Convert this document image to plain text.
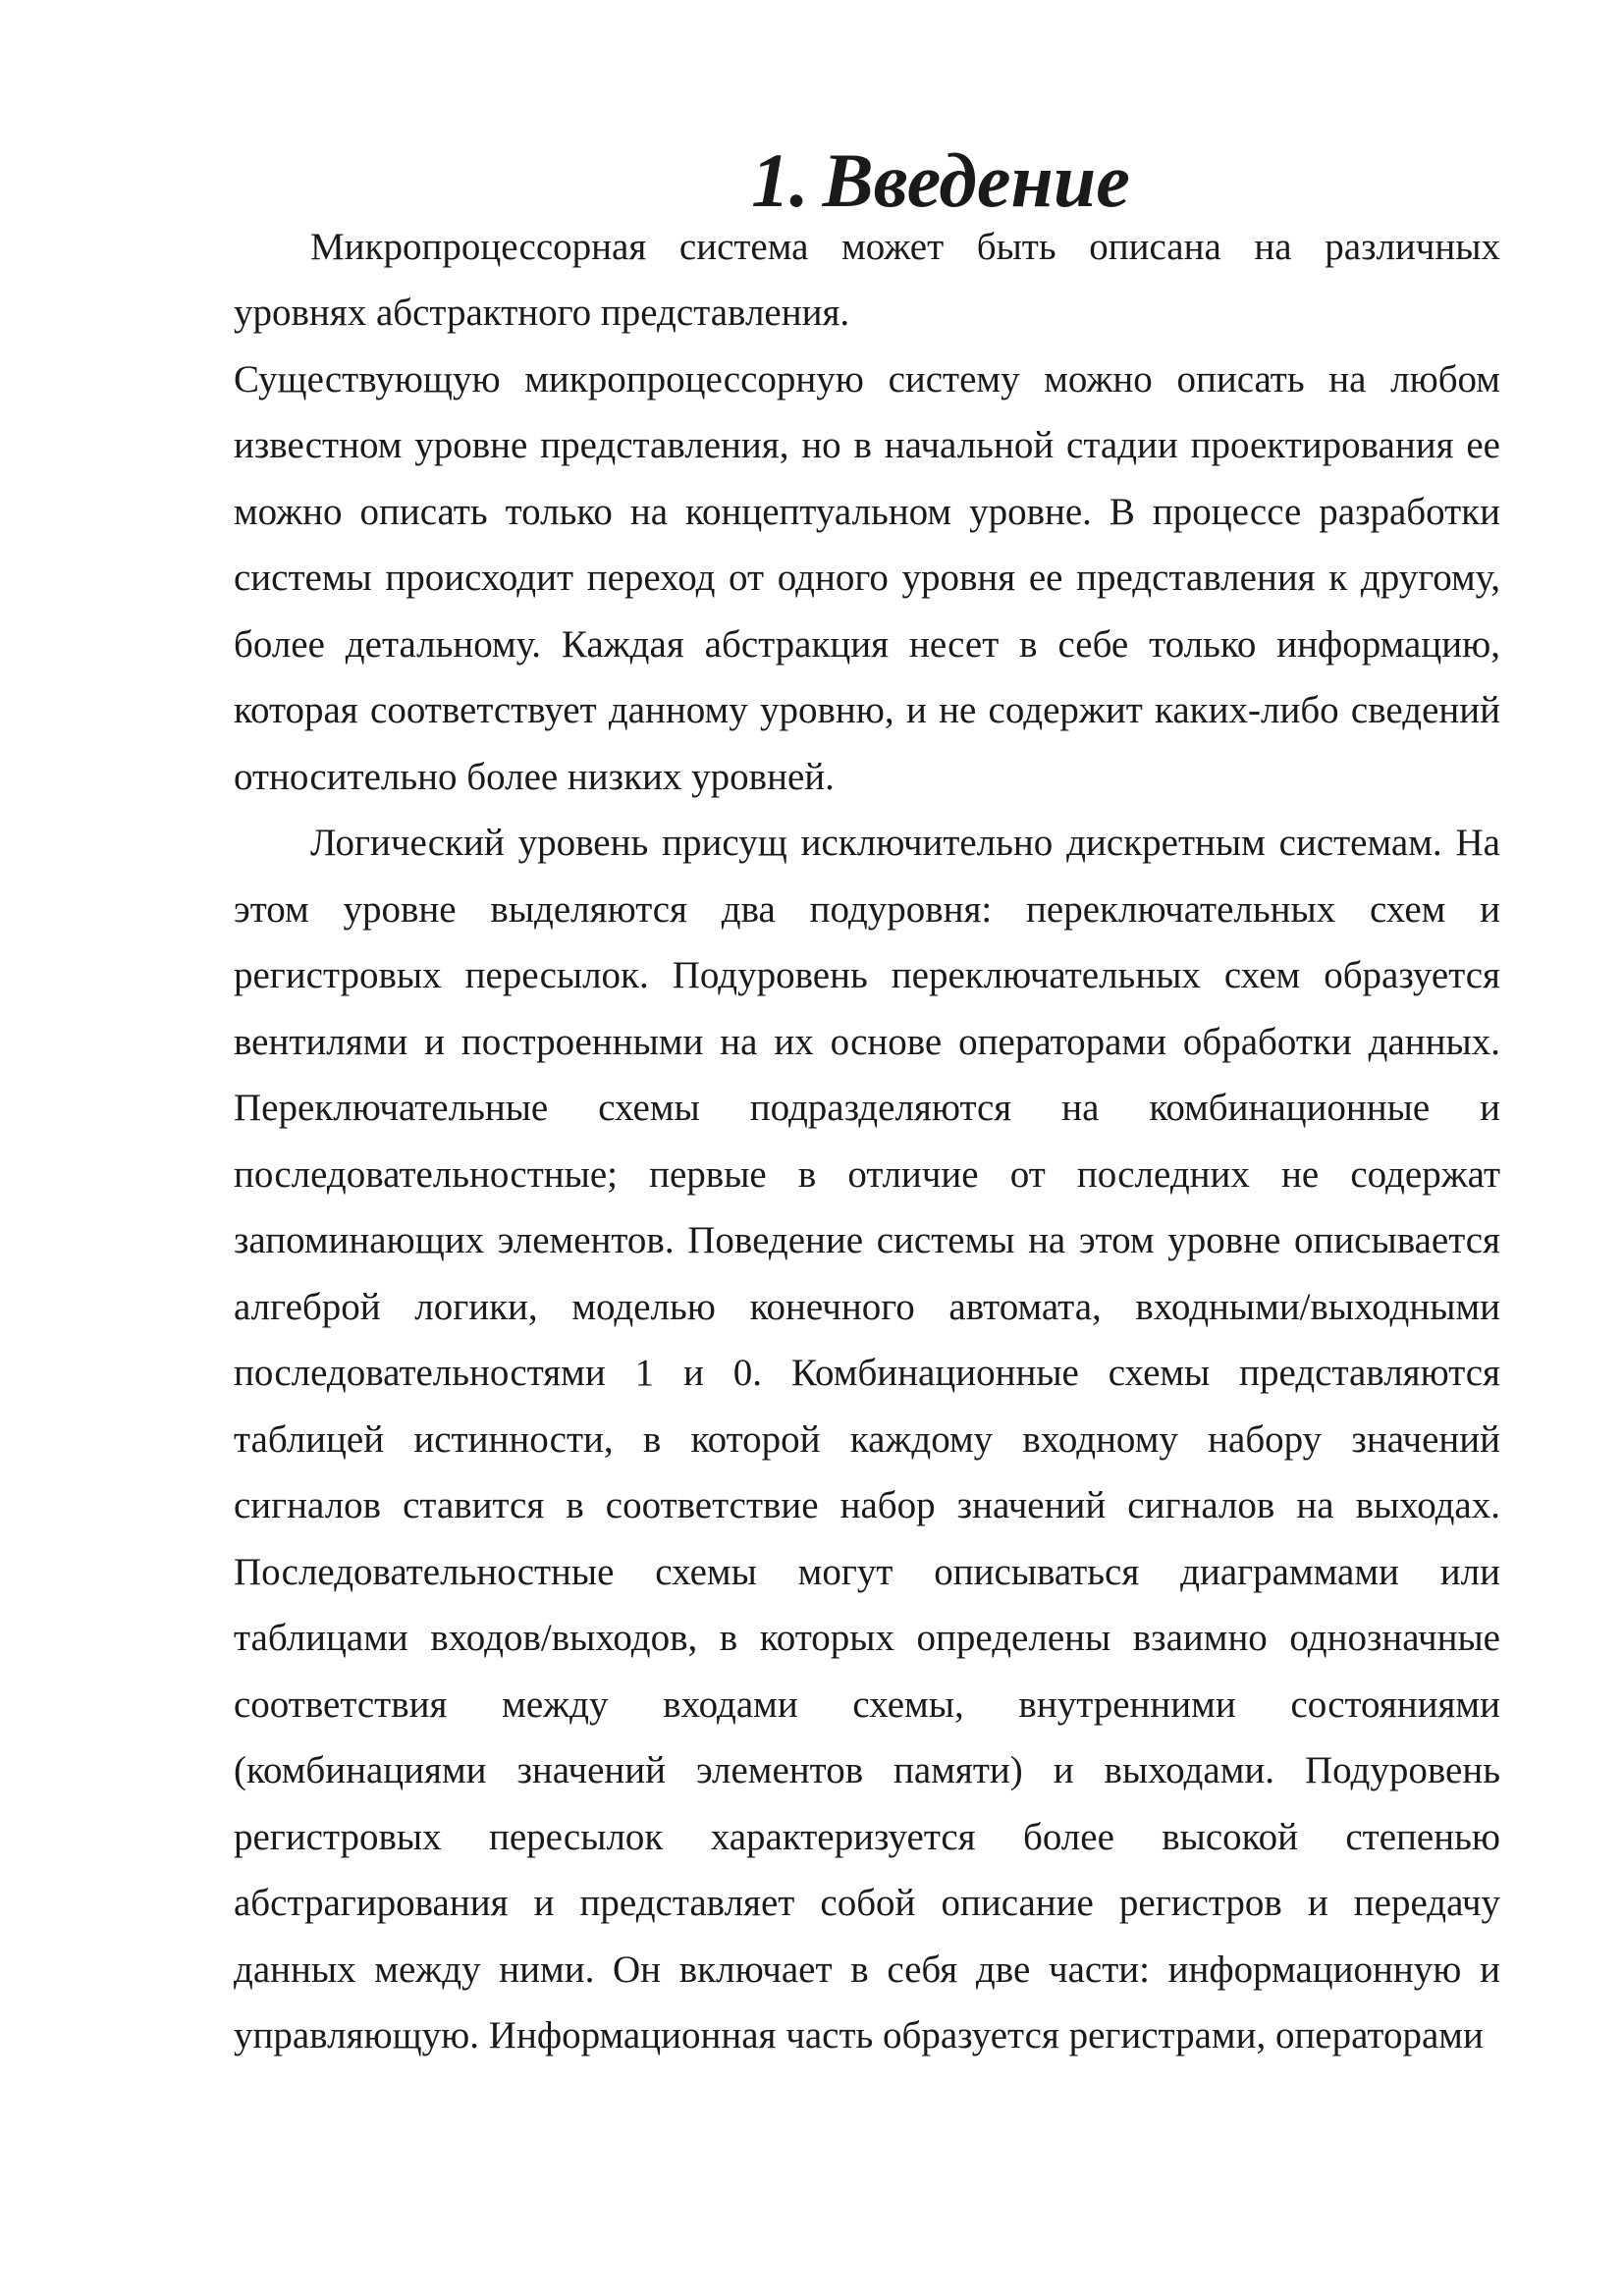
1. Введение

Микропроцессорная система может быть описана на различных уровнях абстрактного представления.

Существующую микропроцессорную систему можно описать на любом известном уровне представления, но в начальной стадии проектирования ее можно описать только на концептуальном уровне. В процессе разработки системы происходит переход от одного уровня ее представления к другому, более детальному. Каждая абстракция несет в себе только информацию, которая соответствует данному уровню, и не содержит каких-либо сведений относительно более низких уровней.

Логический уровень присущ исключительно дискретным системам. На этом уровне выделяются два подуровня: переключательных схем и регистровых пересылок. Подуровень переключательных схем образуется вентилями и построенными на их основе операторами обработки данных. Переключательные схемы подразделяются на комбинационные и последовательностные; первые в отличие от последних не содержат запоминающих элементов. Поведение системы на этом уровне описывается алгеброй логики, моделью конечного автомата, входными/выходными последовательностями 1 и 0. Комбинационные схемы представляются таблицей истинности, в которой каждому входному набору значений сигналов ставится в соответствие набор значений сигналов на выходах. Последовательностные схемы могут описываться диаграммами или таблицами входов/выходов, в которых определены взаимно однозначные соответствия между входами схемы, внутренними состояниями (комбинациями значений элементов памяти) и выходами. Подуровень регистровых пересылок характеризуется более высокой степенью абстрагирования и представляет собой описание регистров и передачу данных между ними. Он включает в себя две части: информационную и управляющую. Информационная часть образуется регистрами, операторами
